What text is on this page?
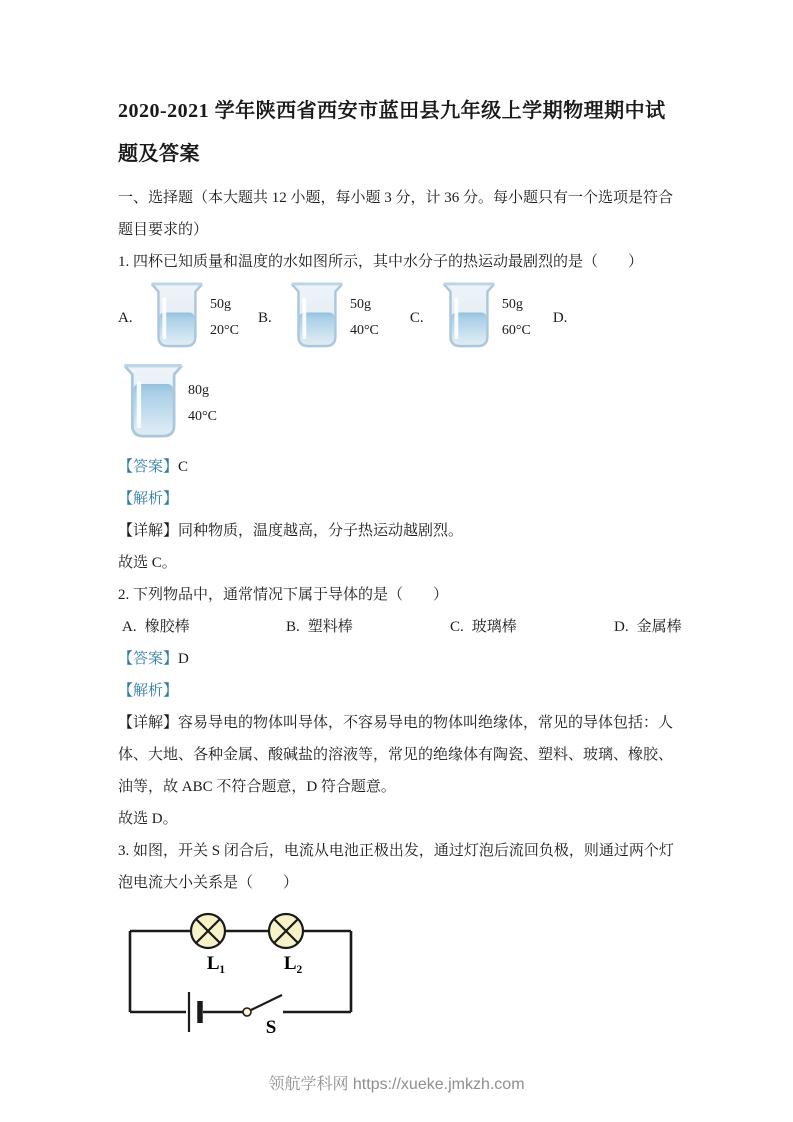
2020-2021 学年陕西省西安市蓝田县九年级上学期物理期中试题及答案

一、选择题（本大题共 12 小题，每小题 3 分，计 36 分。每小题只有一个选项是符合题目要求的）

1. 四杯已知质量和温度的水如图所示，其中水分子的热运动最剧烈的是（　　）

A.
50g
20°C
B.
50g
40°C
C.
50g
60°C
D.
80g
40°C

【答案】C

【解析】

【详解】同种物质，温度越高，分子热运动越剧烈。

故选 C。

2. 下列物品中，通常情况下属于导体的是（　　）

A. 橡胶棒	B. 塑料棒	C. 玻璃棒	D. 金属棒

【答案】D

【解析】

【详解】容易导电的物体叫导体，不容易导电的物体叫绝缘体，常见的导体包括：人体、大地、各种金属、酸碱盐的溶液等，常见的绝缘体有陶瓷、塑料、玻璃、橡胶、油等，故 ABC 不符合题意，D 符合题意。

故选 D。

3. 如图，开关 S 闭合后，电流从电池正极出发，通过灯泡后流回负极，则通过两个灯泡电流大小关系是（　　）

L₁	L₂
S
领航学科网 https://xueke.jmkzh.com
